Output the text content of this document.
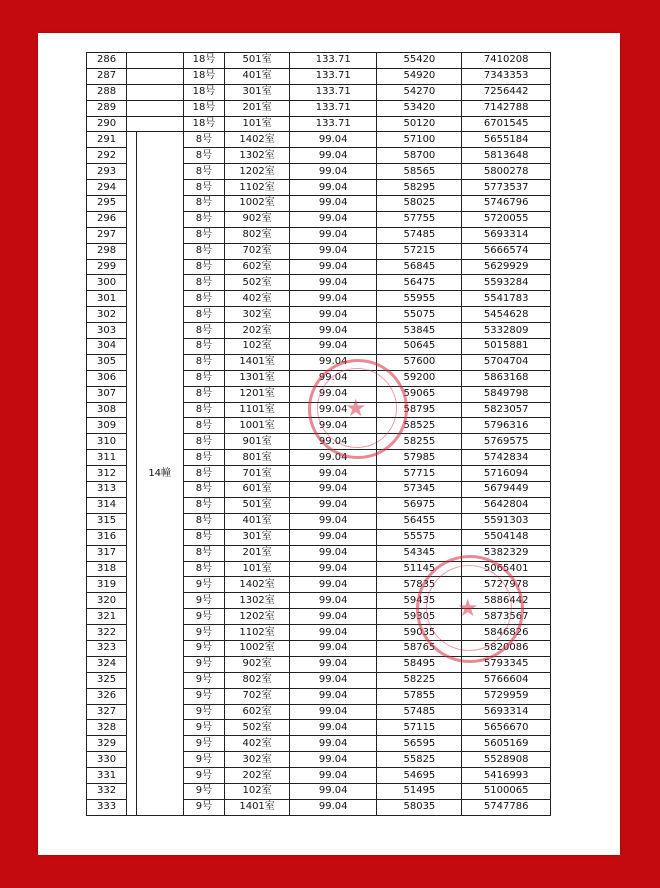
286			18号	501室	133.71	55420	7410208
287			18号	401室	133.71	54920	7343353
288			18号	301室	133.71	54270	7256442
289			18号	201室	133.71	53420	7142788
290			18号	101室	133.71	50120	6701545
291		14幢	8号	1402室	99.04	57100	5655184
292			8号	1302室	99.04	58700	5813648
293			8号	1202室	99.04	58565	5800278
294			8号	1102室	99.04	58295	5773537
295			8号	1002室	99.04	58025	5746796
296			8号	902室	99.04	57755	5720055
297			8号	802室	99.04	57485	5693314
298			8号	702室	99.04	57215	5666574
299			8号	602室	99.04	56845	5629929
300			8号	502室	99.04	56475	5593284
301			8号	402室	99.04	55955	5541783
302			8号	302室	99.04	55075	5454628
303			8号	202室	99.04	53845	5332809
304			8号	102室	99.04	50645	5015881
305			8号	1401室	99.04	57600	5704704
306			8号	1301室	99.04	59200	5863168
307			8号	1201室	99.04	59065	5849798
308			8号	1101室	99.04	58795	5823057
309			8号	1001室	99.04	58525	5796316
310			8号	901室	99.04	58255	5769575
311			8号	801室	99.04	57985	5742834
312			8号	701室	99.04	57715	5716094
313			8号	601室	99.04	57345	5679449
314			8号	501室	99.04	56975	5642804
315			8号	401室	99.04	56455	5591303
316			8号	301室	99.04	55575	5504148
317			8号	201室	99.04	54345	5382329
318			8号	101室	99.04	51145	5065401
319			9号	1402室	99.04	57835	5727978
320			9号	1302室	99.04	59435	5886442
321			9号	1202室	99.04	59305	5873567
322			9号	1102室	99.04	59035	5846826
323			9号	1002室	99.04	58765	5820086
324			9号	902室	99.04	58495	5793345
325			9号	802室	99.04	58225	5766604
326			9号	702室	99.04	57855	5729959
327			9号	602室	99.04	57485	5693314
328			9号	502室	99.04	57115	5656670
329			9号	402室	99.04	56595	5605169
330			9号	302室	99.04	55825	5528908
331			9号	202室	99.04	54695	5416993
332			9号	102室	99.04	51495	5100065
333			9号	1401室	99.04	58035	5747786
★
★
